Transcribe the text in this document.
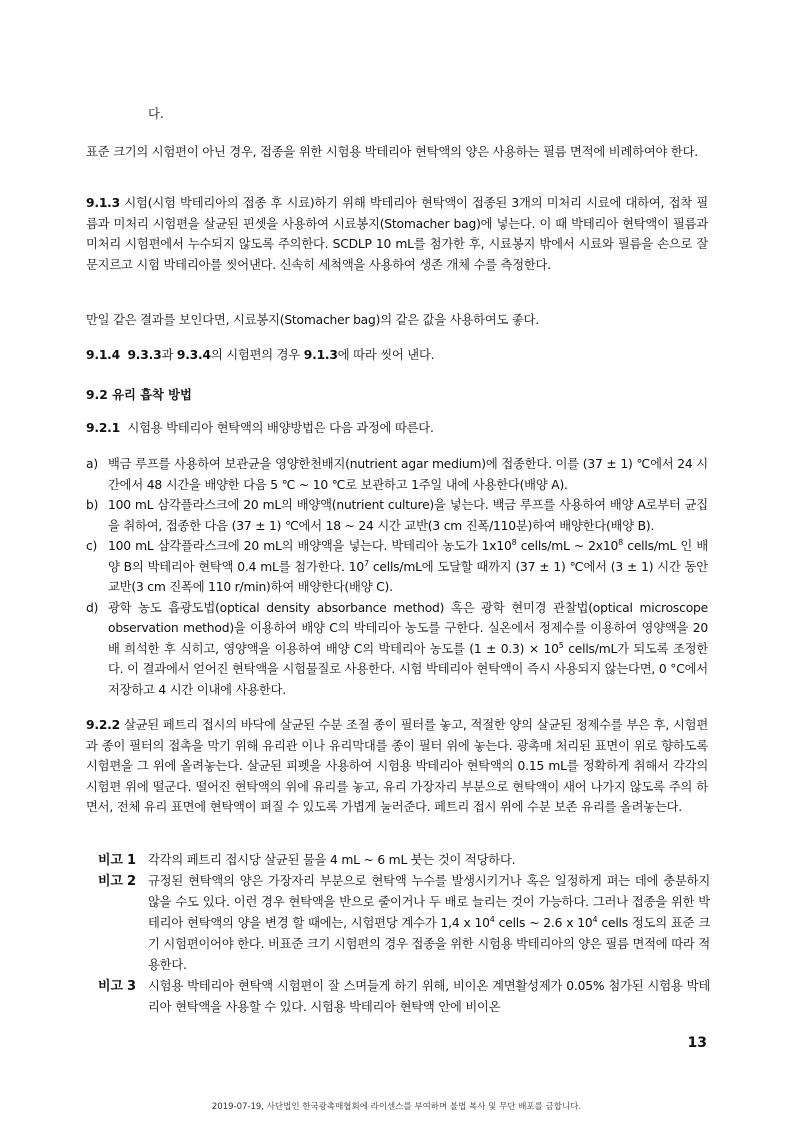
다.
표준 크기의 시험편이 아닌 경우, 접종을 위한 시험용 박테리아 현탁액의 양은 사용하는 필름 면적에 비례하여야 한다.
9.1.3 시험(시험 박테리아의 접종 후 시료)하기 위해 박테리아 현탁액이 접종된 3개의 미처리 시료에 대하여, 접착 필름과 미처리 시험편을 살균된 핀셋을 사용하여 시료봉지(Stomacher bag)에 넣는다. 이 때 박테리아 현탁액이 필름과 미처리 시험편에서 누수되지 않도록 주의한다. SCDLP 10 mL를 첨가한 후, 시료봉지 밖에서 시료와 필름을 손으로 잘 문지르고 시험 박테리아를 씻어낸다. 신속히 세척액을 사용하여 생존 개체 수를 측정한다.
만일 같은 결과를 보인다면, 시료봉지(Stomacher bag)의 같은 값을 사용하여도 좋다.
9.1.4 9.3.3과 9.3.4의 시험편의 경우 9.1.3에 따라 씻어 낸다.
9.2 유리 흡착 방법
9.2.1 시험용 박테리아 현탁액의 배양방법은 다음 과정에 따른다.
a) 백금 루프를 사용하여 보관균을 영양한천배지(nutrient agar medium)에 접종한다. 이를 (37 ± 1) ℃에서 24 시간에서 48 시간을 배양한 다음 5 ℃ ~ 10 ℃로 보관하고 1주일 내에 사용한다(배양 A).
b) 100 mL 삼각플라스크에 20 mL의 배양액(nutrient culture)을 넣는다. 백금 루프를 사용하여 배양 A로부터 균집을 취하여, 접종한 다음 (37 ± 1) ℃에서 18 ~ 24 시간 교반(3 cm 진폭/110분)하여 배양한다(배양 B).
c) 100 mL 삼각플라스크에 20 mL의 배양액을 넣는다. 박테리아 농도가 $1x10^8$ cells/mL ~ $2x10^8$ cells/mL 인 배양 B의 박테리아 현탁액 0.4 mL를 첨가한다. $10^7$ cells/mL에 도달할 때까지 (37 ± 1) ℃에서 (3 ± 1) 시간 동안 교반(3 cm 진폭에 110 r/min)하여 배양한다(배양 C).
d) 광학 농도 흡광도법(optical density absorbance method) 혹은 광학 현미경 관찰법(optical microscope observation method)을 이용하여 배양 C의 박테리아 농도를 구한다. 실온에서 정제수를 이용하여 영양액을 20배 희석한 후 식히고, 영양액을 이용하여 배양 C의 박테리아 농도를 $(1 \pm 0.3) \times 10^5$ cells/mL가 되도록 조정한다. 이 결과에서 얻어진 현탁액을 시험물질로 사용한다. 시험 박테리아 현탁액이 즉시 사용되지 않는다면, 0 °C에서 저장하고 4 시간 이내에 사용한다.
9.2.2 살균된 페트리 접시의 바닥에 살균된 수분 조절 종이 필터를 놓고, 적절한 양의 살균된 정제수를 부은 후, 시험편과 종이 필터의 접촉을 막기 위해 유리관 이나 유리막대를 종이 필터 위에 놓는다. 광촉매 처리된 표면이 위로 향하도록 시험편을 그 위에 올려놓는다. 살균된 피펫을 사용하여 시험용 박테리아 현탁액의 0.15 mL를 정확하게 취해서 각각의 시험편 위에 떨군다. 떨어진 현탁액의 위에 유리를 놓고, 유리 가장자리 부분으로 현탁액이 새어 나가지 않도록 주의 하면서, 전체 유리 표면에 현탁액이 펴질 수 있도록 가볍게 눌러준다. 페트리 접시 위에 수분 보존 유리를 올려놓는다.
비고 1 각각의 페트리 접시당 살균된 물을 4 mL ~ 6 mL 붓는 것이 적당하다.
비고 2 규정된 현탁액의 양은 가장자리 부분으로 현탁액 누수를 발생시키거나 혹은 일정하게 펴는 데에 충분하지 않을 수도 있다. 이런 경우 현탁액을 반으로 줄이거나 두 배로 늘리는 것이 가능하다. 그러나 접종을 위한 박테리아 현탁액의 양을 변경 할 때에는, 시험편당 계수가 1,4 x $10^4$ cells ~ 2.6 x $10^4$ cells 정도의 표준 크기 시험편이어야 한다. 비표준 크기 시험편의 경우 접종을 위한 시험용 박테리아의 양은 필름 면적에 따라 적용한다.
비고 3 시험용 박테리아 현탁액 시험편이 잘 스며들게 하기 위해, 비이온 계면활성제가 0.05% 첨가된 시험용 박테리아 현탁액을 사용할 수 있다. 시험용 박테리아 현탁액 안에 비이온
13
2019-07-19, 사단법인 한국광촉매협회에 라이센스를 부여하며 불법 복사 및 무단 배포를 금합니다.
